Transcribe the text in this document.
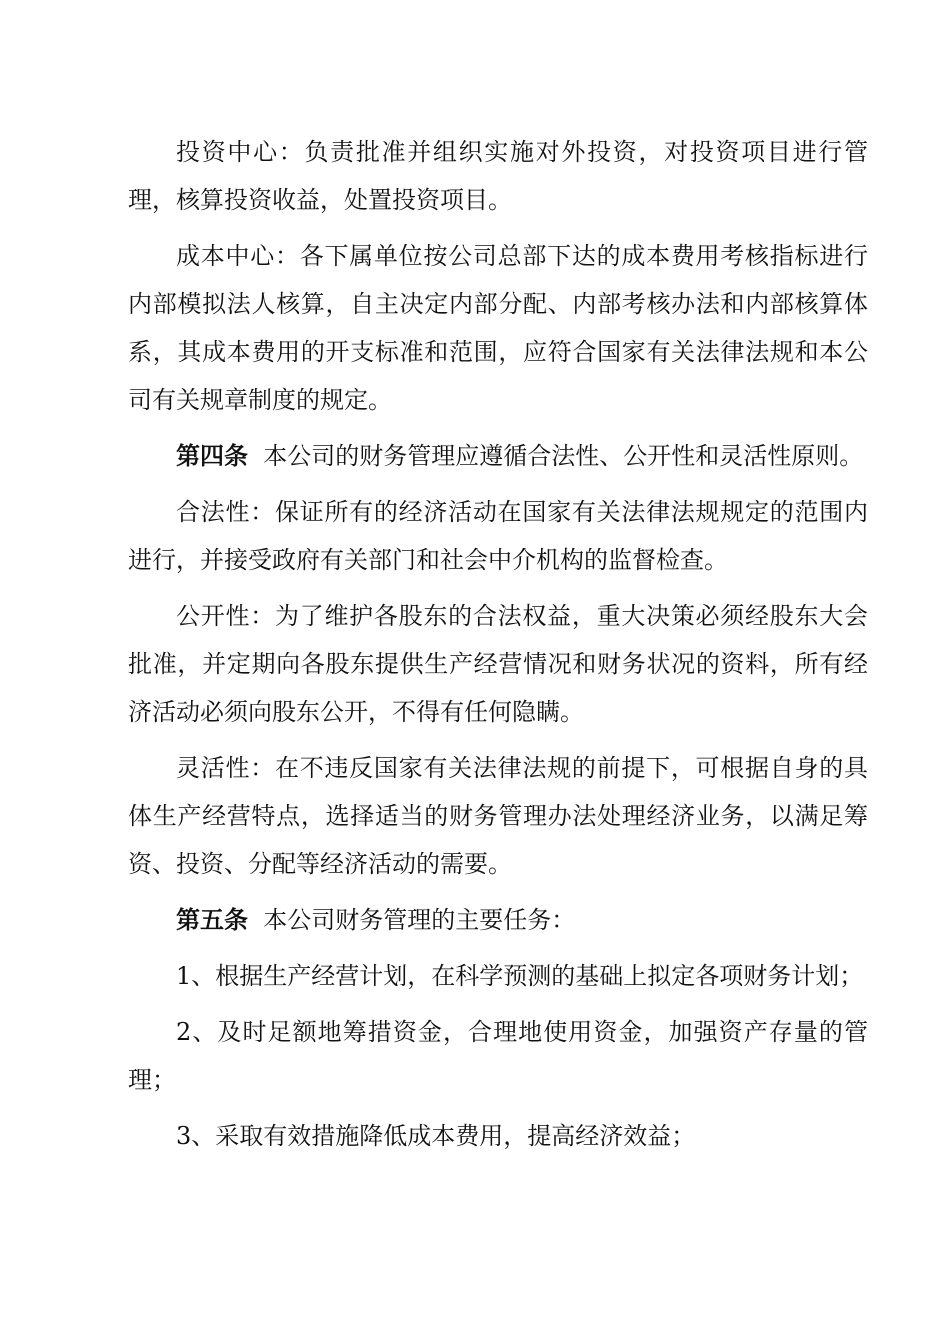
投资中心：负责批准并组织实施对外投资，对投资项目进行管理，核算投资收益，处置投资项目。

成本中心：各下属单位按公司总部下达的成本费用考核指标进行内部模拟法人核算，自主决定内部分配、内部考核办法和内部核算体系，其成本费用的开支标准和范围，应符合国家有关法律法规和本公司有关规章制度的规定。

第四条 本公司的财务管理应遵循合法性、公开性和灵活性原则。

合法性：保证所有的经济活动在国家有关法律法规规定的范围内进行，并接受政府有关部门和社会中介机构的监督检查。

公开性：为了维护各股东的合法权益，重大决策必须经股东大会批准，并定期向各股东提供生产经营情况和财务状况的资料，所有经济活动必须向股东公开，不得有任何隐瞒。

灵活性：在不违反国家有关法律法规的前提下，可根据自身的具体生产经营特点，选择适当的财务管理办法处理经济业务，以满足筹资、投资、分配等经济活动的需要。

第五条 本公司财务管理的主要任务：

1、根据生产经营计划，在科学预测的基础上拟定各项财务计划；

2、及时足额地筹措资金，合理地使用资金，加强资产存量的管理；

3、采取有效措施降低成本费用，提高经济效益；
